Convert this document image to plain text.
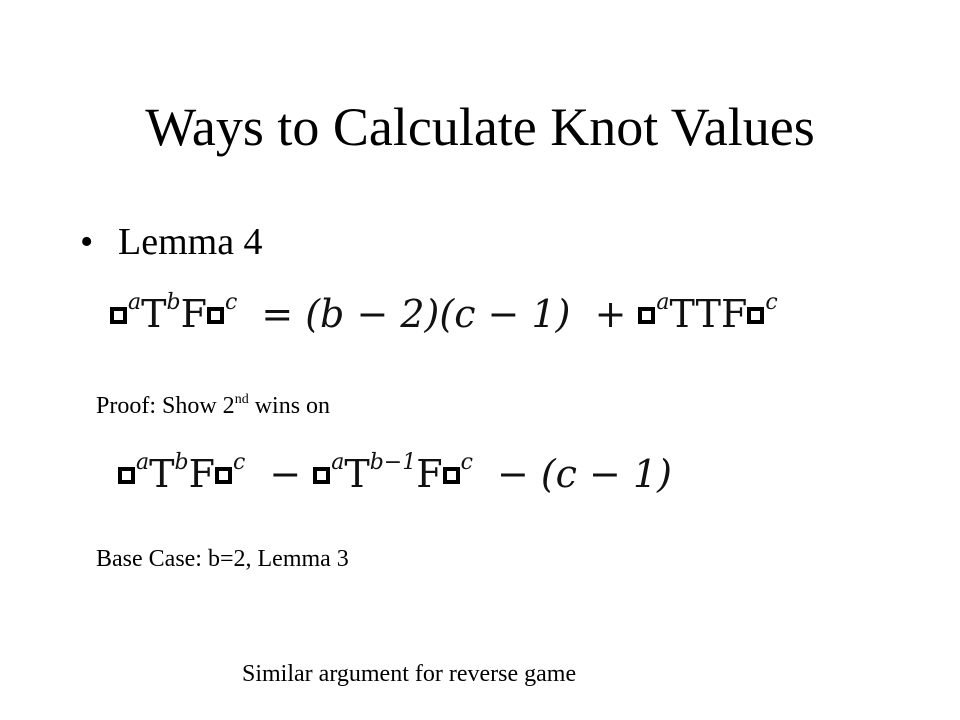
Ways to Calculate Knot Values
• Lemma 4
$^aT^bF$ $^c$ = (b − 2)(c − 1) + $^a$TTF $^c$
Proof: Show 2nd wins on
$^aT^bF$ $^c - ^aT^{b-1}F$ $^c$ − (c − 1)
Base Case: b=2, Lemma 3
Similar argument for reverse game
